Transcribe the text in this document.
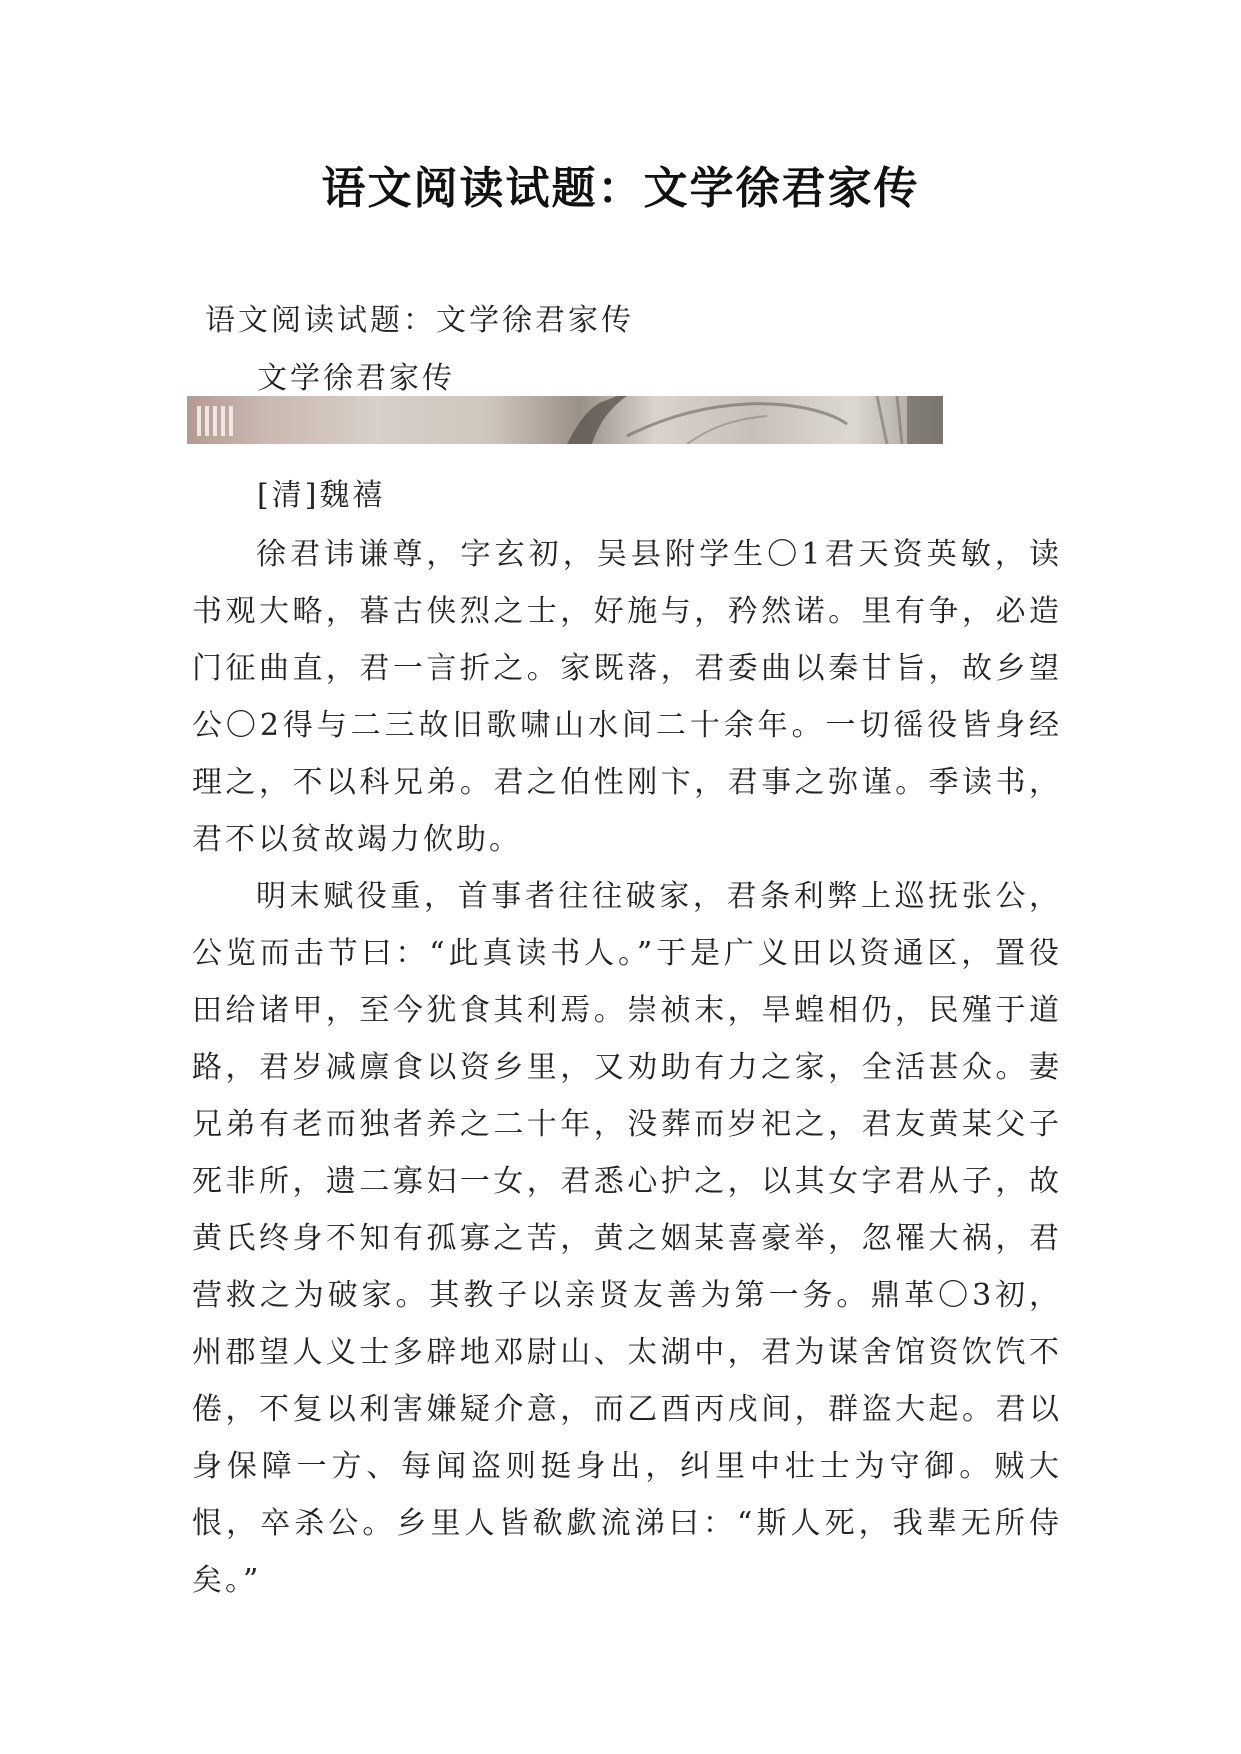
语文阅读试题：文学徐君家传

语文阅读试题：文学徐君家传

文学徐君家传

[清]魏禧

徐君讳谦尊，字玄初，吴县附学生〇1君天资英敏，读书观大略，暮古侠烈之士，好施与，矜然诺。里有争，必造门征曲直，君一言折之。家既落，君委曲以秦甘旨，故乡望公〇2得与二三故旧歌啸山水间二十余年。一切徭役皆身经理之，不以科兄弟。君之伯性刚卞，君事之弥谨。季读书，君不以贫故竭力佽助。

明末赋役重，首事者往往破家，君条利弊上巡抚张公，公览而击节曰：“此真读书人。”于是广义田以资通区，置役田给诸甲，至今犹食其利焉。崇祯末，旱蝗相仍，民殣于道路，君岁减廪食以资乡里，又劝助有力之家，全活甚众。妻兄弟有老而独者养之二十年，没葬而岁祀之，君友黄某父子死非所，遗二寡妇一女，君悉心护之，以其女字君从子，故黄氏终身不知有孤寡之苦，黄之姻某喜豪举，忽罹大祸，君营救之为破家。其教子以亲贤友善为第一务。鼎革〇3初，州郡望人义士多辟地邓尉山、太湖中，君为谋舍馆资饮饩不倦，不复以利害嫌疑介意，而乙酉丙戌间，群盗大起。君以身保障一方、每闻盗则挺身出，纠里中壮士为守御。贼大恨，卒杀公。乡里人皆欷歔流涕曰：“斯人死，我辈无所侍矣。”
